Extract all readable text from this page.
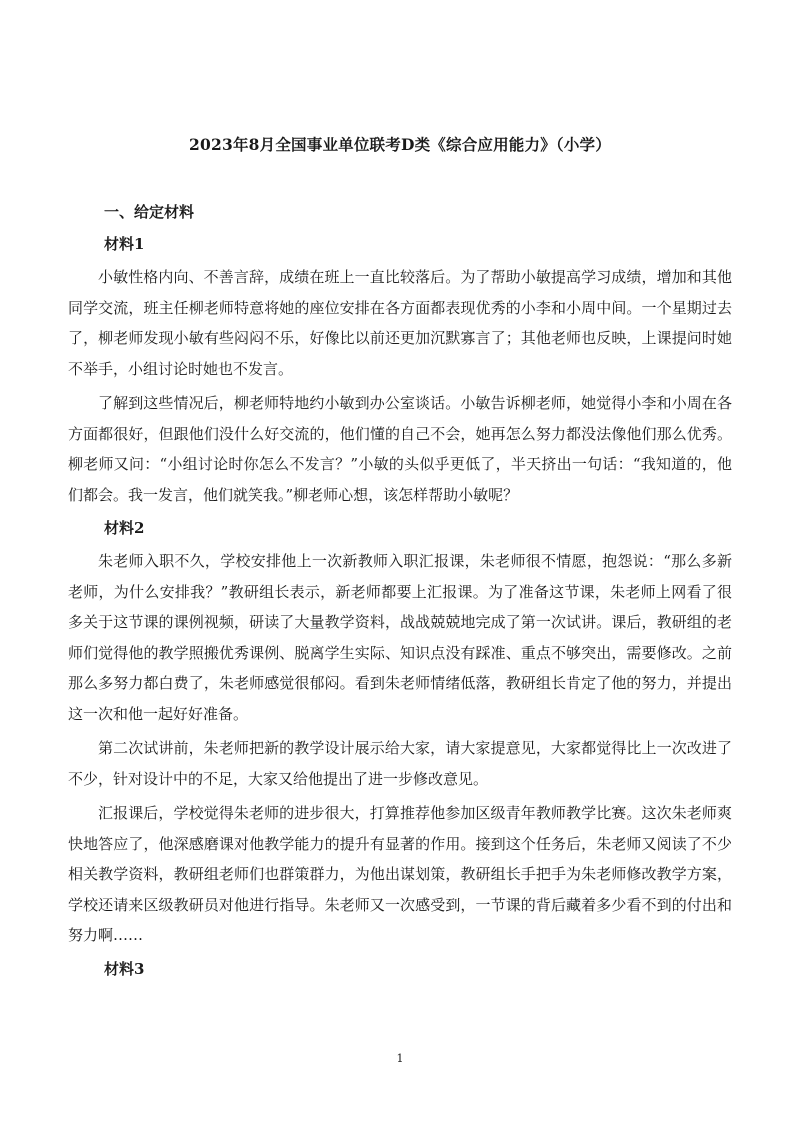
2023年8月全国事业单位联考D类《综合应用能力》（小学）
一、给定材料
材料1

小敏性格内向、不善言辞，成绩在班上一直比较落后。为了帮助小敏提高学习成绩，增加和其他同学交流，班主任柳老师特意将她的座位安排在各方面都表现优秀的小李和小周中间。一个星期过去了，柳老师发现小敏有些闷闷不乐，好像比以前还更加沉默寡言了；其他老师也反映，上课提问时她不举手，小组讨论时她也不发言。

了解到这些情况后，柳老师特地约小敏到办公室谈话。小敏告诉柳老师，她觉得小李和小周在各方面都很好，但跟他们没什么好交流的，他们懂的自己不会，她再怎么努力都没法像他们那么优秀。柳老师又问：“小组讨论时你怎么不发言？”小敏的头似乎更低了，半天挤出一句话：“我知道的，他们都会。我一发言，他们就笑我。”柳老师心想，该怎样帮助小敏呢？

材料2

朱老师入职不久，学校安排他上一次新教师入职汇报课，朱老师很不情愿，抱怨说：“那么多新老师，为什么安排我？”教研组长表示，新老师都要上汇报课。为了准备这节课，朱老师上网看了很多关于这节课的课例视频，研读了大量教学资料，战战兢兢地完成了第一次试讲。课后，教研组的老师们觉得他的教学照搬优秀课例、脱离学生实际、知识点没有踩准、重点不够突出，需要修改。之前那么多努力都白费了，朱老师感觉很郁闷。看到朱老师情绪低落，教研组长肯定了他的努力，并提出这一次和他一起好好准备。

第二次试讲前，朱老师把新的教学设计展示给大家，请大家提意见，大家都觉得比上一次改进了不少，针对设计中的不足，大家又给他提出了进一步修改意见。

汇报课后，学校觉得朱老师的进步很大，打算推荐他参加区级青年教师教学比赛。这次朱老师爽快地答应了，他深感磨课对他教学能力的提升有显著的作用。接到这个任务后，朱老师又阅读了不少相关教学资料，教研组老师们也群策群力，为他出谋划策，教研组长手把手为朱老师修改教学方案，学校还请来区级教研员对他进行指导。朱老师又一次感受到，一节课的背后藏着多少看不到的付出和努力啊……

材料3
1
